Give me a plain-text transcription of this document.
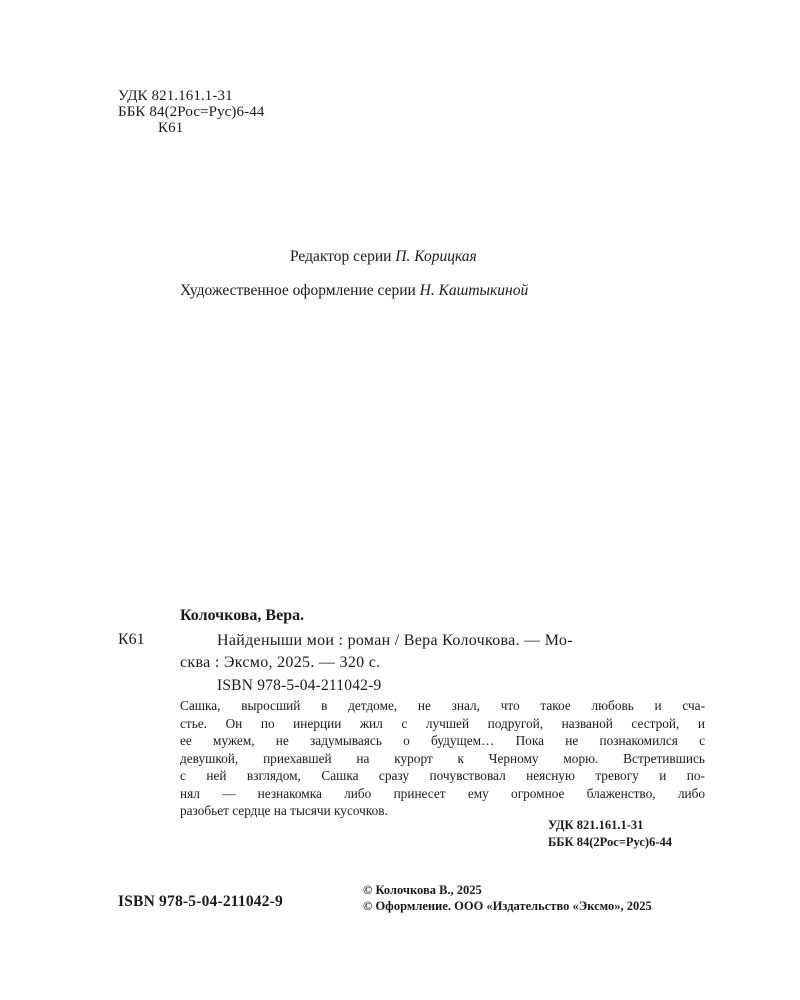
УДК 821.161.1-31
ББК 84(2Рос=Рус)6-44
К61
Редактор серии П. Корицкая
Художественное оформление серии Н. Каштыкиной
Колочкова, Вера.
К61	Найденыши мои : роман / Вера Колочкова. — Мо-
сква : Эксмо, 2025. — 320 с.
ISBN 978-5-04-211042-9
Сашка, выросший в детдоме, не знал, что такое любовь и сча-
стье. Он по инерции жил с лучшей подругой, названой сестрой, и
ее мужем, не задумываясь о будущем… Пока не познакомился с
девушкой, приехавшей на курорт к Черному морю. Встретившись
с ней взглядом, Сашка сразу почувствовал неясную тревогу и по-
нял — незнакомка либо принесет ему огромное блаженство, либо
разобьет сердце на тысячи кусочков.
УДК 821.161.1-31
ББК 84(2Рос=Рус)6-44
ISBN 978-5-04-211042-9
© Колочкова В., 2025
© Оформление. ООО «Издательство «Эксмо», 2025
